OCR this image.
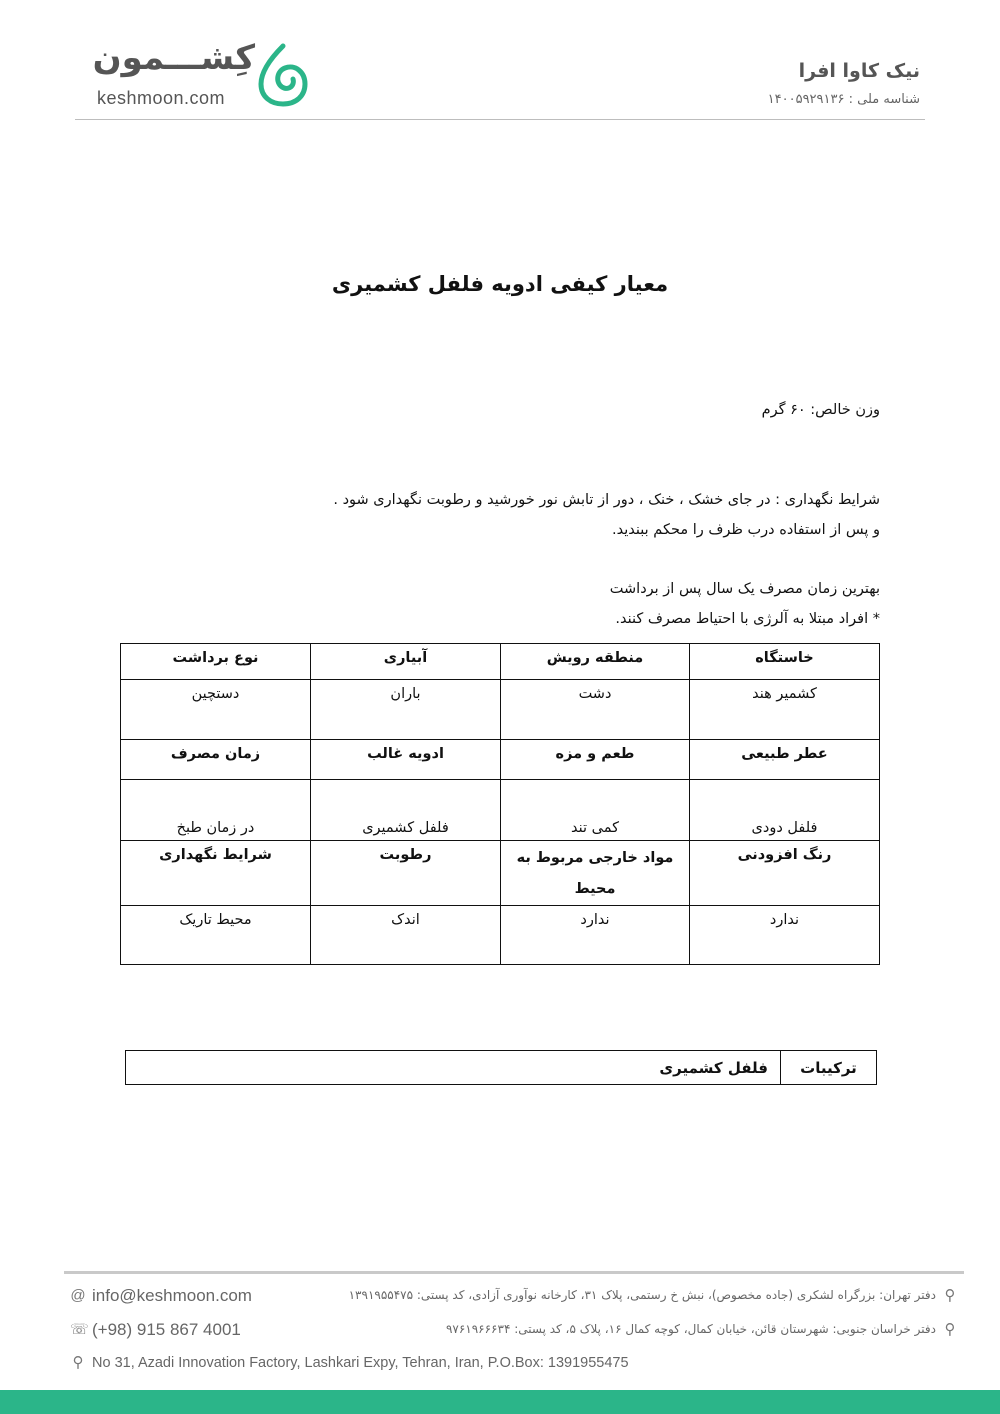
کِشـــمون
keshmoon.com
نیک کاوا افرا
شناسه ملی : ۱۴۰۰۵۹۲۹۱۳۶
معیار کیفی ادویه فلفل کشمیری
وزن خالص: ۶۰ گرم
شرایط نگهداری : در جای خشک ، خنک ، دور از تابش نور خورشید و رطوبت نگهداری شود .
و پس از استفاده درب ظرف را محکم ببندید.
بهترین زمان مصرف یک سال پس از برداشت
* افراد مبتلا به آلرژی با احتیاط مصرف کنند.
خاستگاه	منطقه رویش	آبیاری	نوع برداشت
کشمیر هند	دشت	باران	دستچین
عطر طبیعی	طعم و مزه	ادویه غالب	زمان مصرف
فلفل دودی	کمی تند	فلفل کشمیری	در زمان طبخ
رنگ افزودنی	مواد خارجی مربوط به محیط	رطوبت	شرایط نگهداری
ندارد	ندارد	اندک	محیط تاریک
ترکیبات	فلفل کشمیری
@ info@keshmoon.com	⚲
دفتر تهران: بزرگراه لشکری (جاده مخصوص)، نبش خ رستمی، پلاک ۳۱، کارخانه نوآوری آزادی، کد پستی: ۱۳۹۱۹۵۵۴۷۵
☏ (+98) 915 867 4001	⚲
دفتر خراسان جنوبی: شهرستان قائن، خیابان کمال، کوچه کمال ۱۶، پلاک ۵، کد پستی: ۹۷۶۱۹۶۶۶۳۴
⚲ No 31, Azadi Innovation Factory, Lashkari Expy, Tehran, Iran, P.O.Box: 1391955475
